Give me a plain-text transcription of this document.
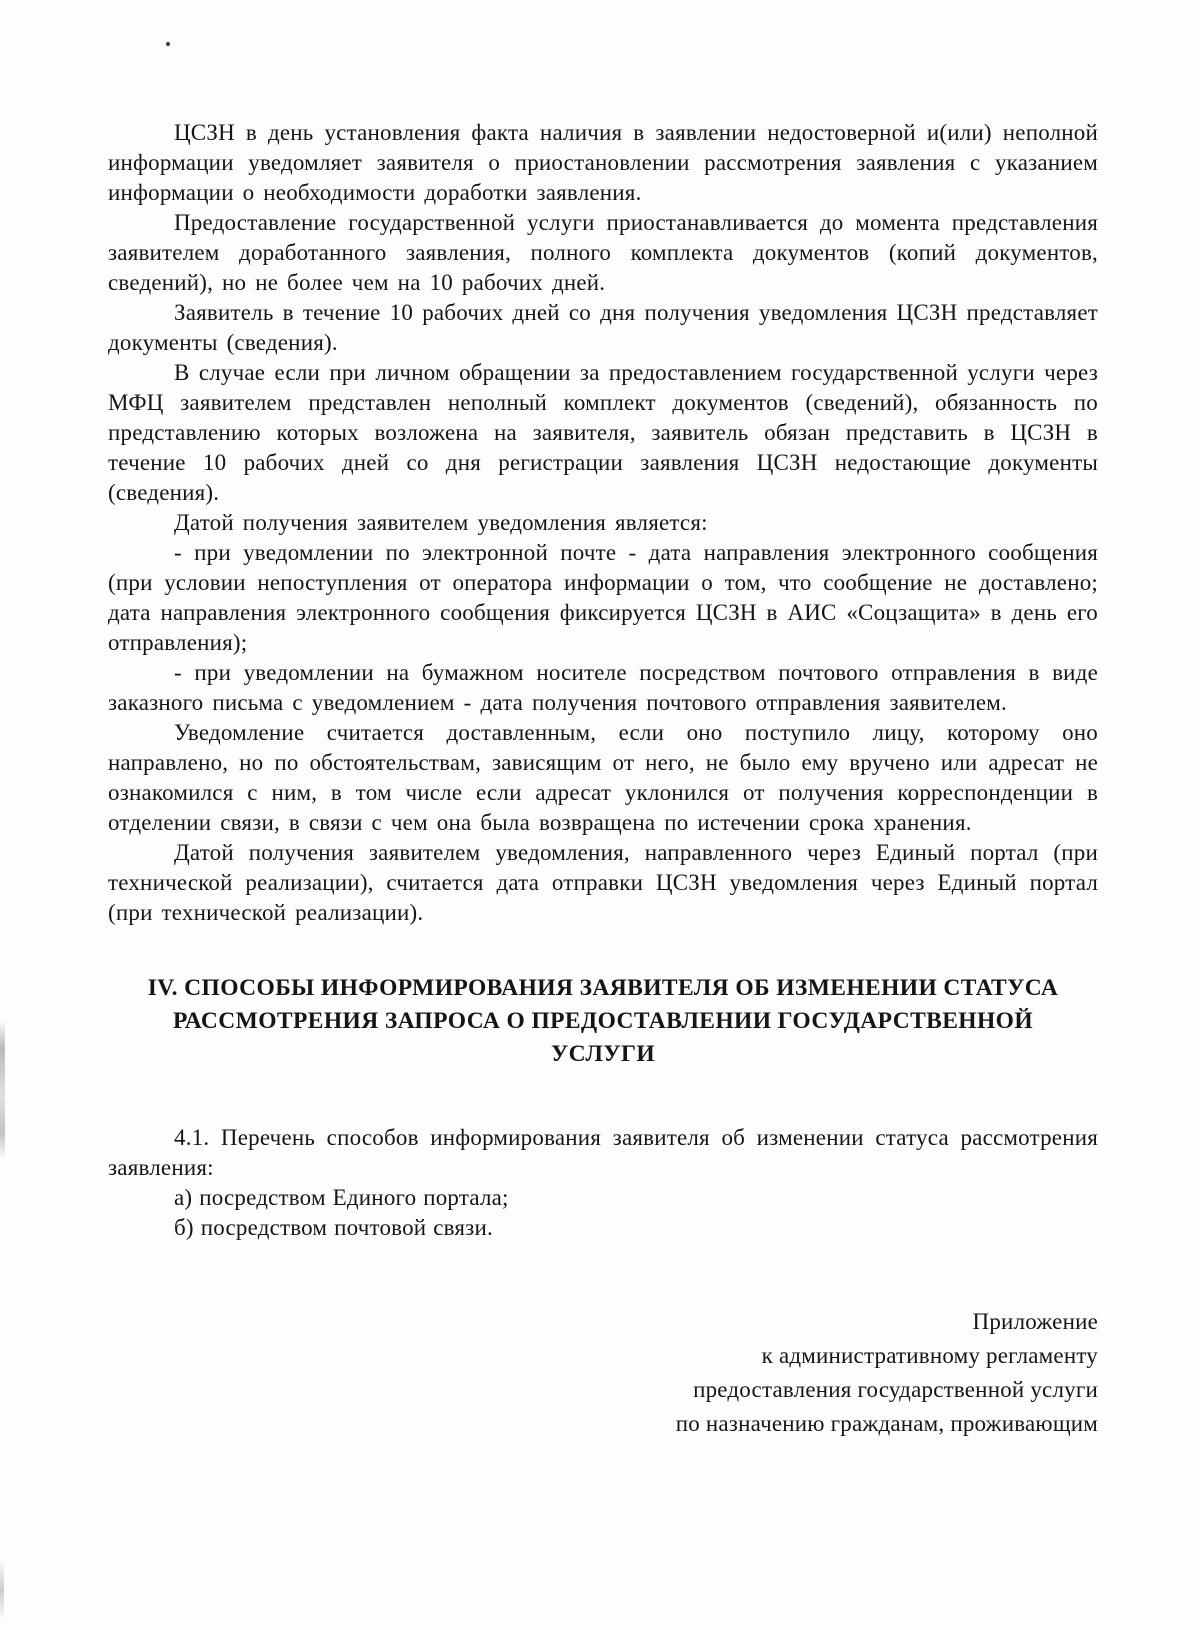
ЦСЗН в день установления факта наличия в заявлении недостоверной и(или) неполной информации уведомляет заявителя о приостановлении рассмотрения заявления с указанием информации о необходимости доработки заявления.

Предоставление государственной услуги приостанавливается до момента представления заявителем доработанного заявления, полного комплекта документов (копий документов, сведений), но не более чем на 10 рабочих дней.

Заявитель в течение 10 рабочих дней со дня получения уведомления ЦСЗН представляет документы (сведения).

В случае если при личном обращении за предоставлением государственной услуги через МФЦ заявителем представлен неполный комплект документов (сведений), обязанность по представлению которых возложена на заявителя, заявитель обязан представить в ЦСЗН в течение 10 рабочих дней со дня регистрации заявления ЦСЗН недостающие документы (сведения).

Датой получения заявителем уведомления является:

- при уведомлении по электронной почте - дата направления электронного сообщения (при условии непоступления от оператора информации о том, что сообщение не доставлено; дата направления электронного сообщения фиксируется ЦСЗН в АИС «Соцзащита» в день его отправления);

- при уведомлении на бумажном носителе посредством почтового отправления в виде заказного письма с уведомлением - дата получения почтового отправления заявителем.

Уведомление считается доставленным, если оно поступило лицу, которому оно направлено, но по обстоятельствам, зависящим от него, не было ему вручено или адресат не ознакомился с ним, в том числе если адресат уклонился от получения корреспонденции в отделении связи, в связи с чем она была возвращена по истечении срока хранения.

Датой получения заявителем уведомления, направленного через Единый портал (при технической реализации), считается дата отправки ЦСЗН уведомления через Единый портал (при технической реализации).

IV. СПОСОБЫ ИНФОРМИРОВАНИЯ ЗАЯВИТЕЛЯ ОБ ИЗМЕНЕНИИ СТАТУСА
РАССМОТРЕНИЯ ЗАПРОСА О ПРЕДОСТАВЛЕНИИ ГОСУДАРСТВЕННОЙ
УСЛУГИ

4.1. Перечень способов информирования заявителя об изменении статуса рассмотрения заявления:

а) посредством Единого портала;

б) посредством почтовой связи.

Приложение
к административному регламенту
предоставления государственной услуги
по назначению гражданам, проживающим
